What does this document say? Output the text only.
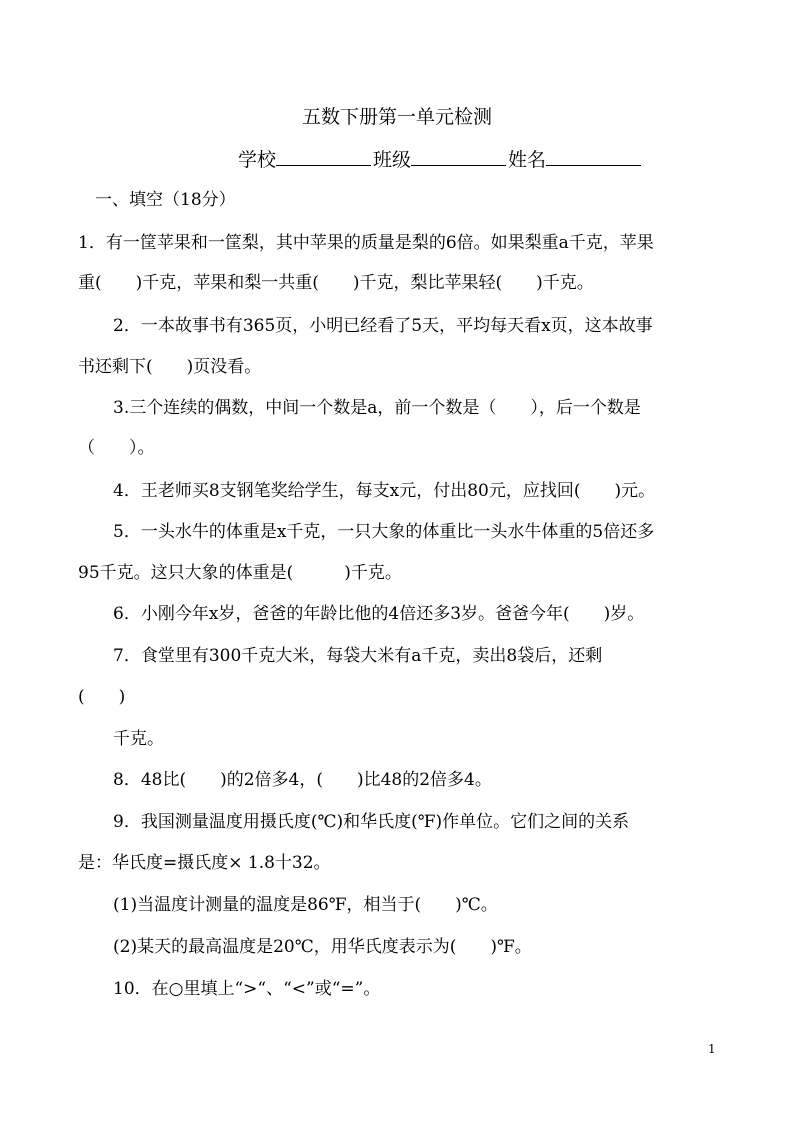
五数下册第一单元检测
学校	班级	姓名
一、填空（18分）
1．有一筐苹果和一筐梨，其中苹果的质量是梨的6倍。如果梨重a千克，苹果
重(　　)千克，苹果和梨一共重(　　)千克，梨比苹果轻(　　)千克。
2．一本故事书有365页，小明已经看了5天，平均每天看x页，这本故事
书还剩下(　　)页没看。
3.三个连续的偶数，中间一个数是a，前一个数是（　　），后一个数是
（　　）。
4．王老师买8支钢笔奖给学生，每支x元，付出80元，应找回(　　)元。
5．一头水牛的体重是x千克，一只大象的体重比一头水牛体重的5倍还多
95千克。这只大象的体重是(　　　)千克。
6．小刚今年x岁，爸爸的年龄比他的4倍还多3岁。爸爸今年(　　)岁。
7．食堂里有300千克大米，每袋大米有a千克，卖出8袋后，还剩
(　　)
千克。
8．48比(　　)的2倍多4，(　　)比48的2倍多4。
9．我国测量温度用摄氏度(℃)和华氏度(℉)作单位。它们之间的关系
是：华氏度=摄氏度× 1.8十32。
(1)当温度计测量的温度是86℉，相当于(　　)℃。
(2)某天的最高温度是20℃，用华氏度表示为(　　)℉。
10．在○里填上“>“、“<”或“=”。
1
